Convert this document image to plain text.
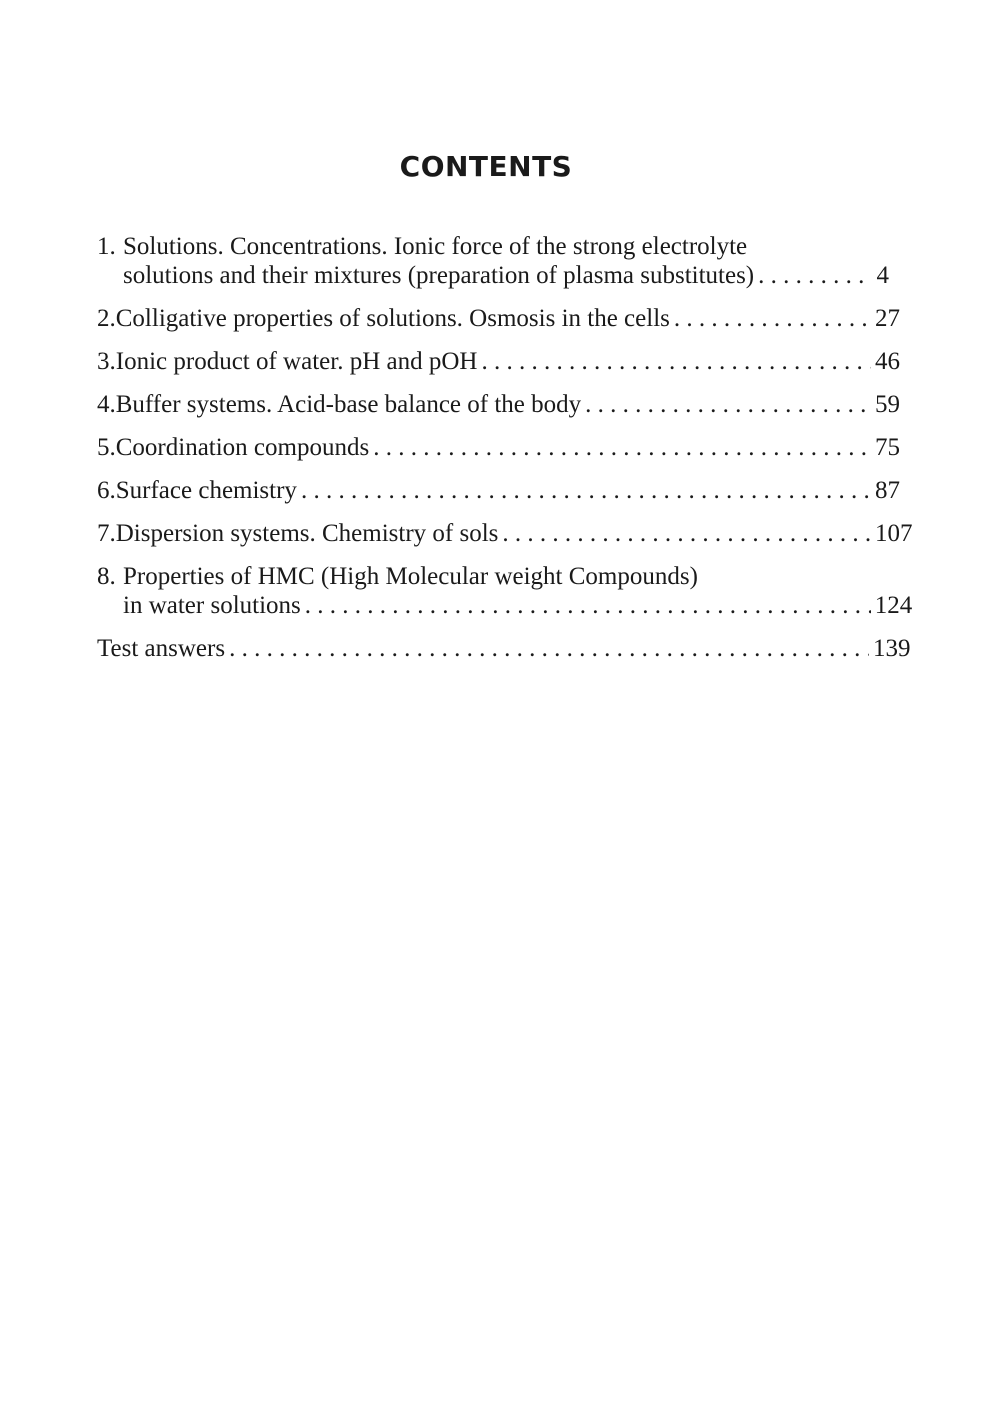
CONTENTS
1. Solutions. Concentrations. Ionic force of the strong electrolyte
solutions and their mixtures (preparation of plasma substitutes) . . .	4
2. Colligative properties of solutions. Osmosis in the cells . . .	27
3. Ionic product of water. pH and pOH . . .	46
4. Buffer systems. Acid-base balance of the body . . .	59
5. Coordination compounds . . .	75
6. Surface chemistry . . .	87
7. Dispersion systems. Chemistry of sols . . .	107
8. Properties of HMC (High Molecular weight Compounds)
in water solutions . . .	124
Test answers . . .	139
